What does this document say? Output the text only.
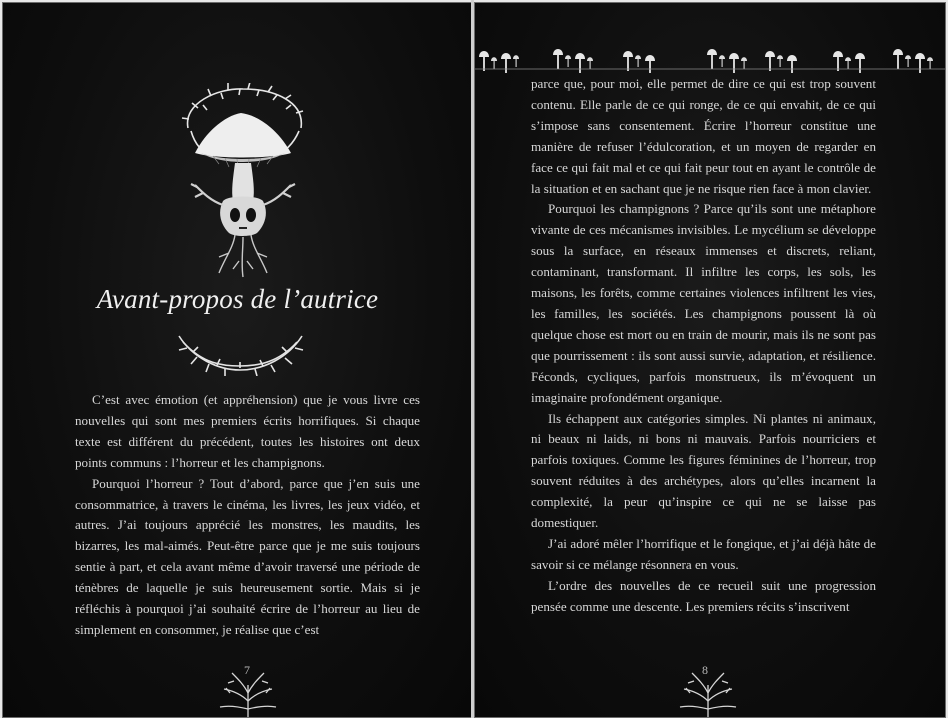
Avant-propos de l’autrice

C’est avec émotion (et appréhension) que je vous livre ces nouvelles qui sont mes premiers écrits horrifiques. Si chaque texte est différent du précédent, toutes les histoires ont deux points communs : l’horreur et les champignons.

Pourquoi l’horreur ? Tout d’abord, parce que j’en suis une consommatrice, à travers le cinéma, les livres, les jeux vidéo, et autres. J’ai toujours apprécié les monstres, les maudits, les bizarres, les mal-aimés. Peut-être parce que je me suis toujours sentie à part, et cela avant même d’avoir traversé une période de ténèbres de laquelle je suis heureusement sortie. Mais si je réfléchis à pourquoi j’ai souhaité écrire de l’horreur au lieu de simplement en consommer, je réalise que c’est

7

parce que, pour moi, elle permet de dire ce qui est trop souvent contenu. Elle parle de ce qui ronge, de ce qui envahit, de ce qui s’impose sans consentement. Écrire l’horreur constitue une manière de refuser l’édulcoration, et un moyen de regarder en face ce qui fait mal et ce qui fait peur tout en ayant le contrôle de la situation et en sachant que je ne risque rien face à mon clavier.

Pourquoi les champignons ? Parce qu’ils sont une métaphore vivante de ces mécanismes invisibles. Le mycélium se développe sous la surface, en réseaux immenses et discrets, reliant, contaminant, transformant. Il infiltre les corps, les sols, les maisons, les forêts, comme certaines violences infiltrent les vies, les familles, les sociétés. Les champignons poussent là où quelque chose est mort ou en train de mourir, mais ils ne sont pas que pourrissement : ils sont aussi survie, adaptation, et résilience. Féconds, cycliques, parfois monstrueux, ils m’évoquent un imaginaire profondément organique.

Ils échappent aux catégories simples. Ni plantes ni animaux, ni beaux ni laids, ni bons ni mauvais. Parfois nourriciers et parfois toxiques. Comme les figures féminines de l’horreur, trop souvent réduites à des archétypes, alors qu’elles incarnent la complexité, la peur qu’inspire ce qui ne se laisse pas domestiquer.

J’ai adoré mêler l’horrifique et le fongique, et j’ai déjà hâte de savoir si ce mélange résonnera en vous.

L’ordre des nouvelles de ce recueil suit une progression pensée comme une descente. Les premiers récits s’inscrivent

8
